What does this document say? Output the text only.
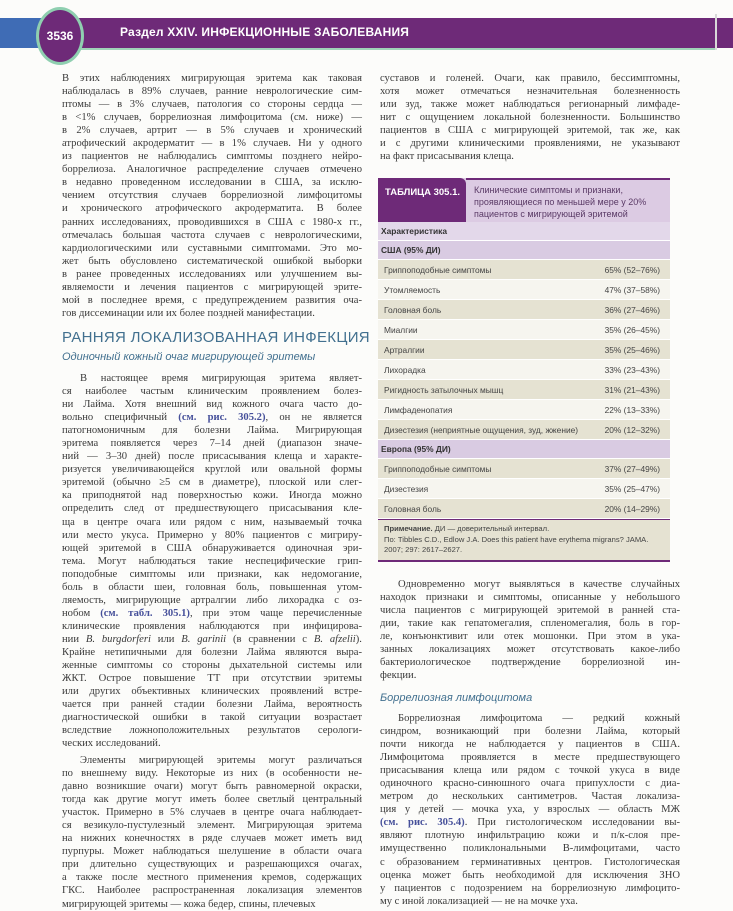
3536	Раздел XXIV. ИНФЕКЦИОННЫЕ ЗАБОЛЕВАНИЯ
В этих наблюдениях мигрирующая эритема как таковая
наблюдалась в 89% случаев, ранние неврологические сим-
птомы — в 3% случаев, патология со стороны сердца —
в <1% случаев, боррелиозная лимфоцитома (см. ниже) —
в 2% случаев, артрит — в 5% случаев и хронический
атрофический акродерматит — в 1% случаев. Ни у одного
из пациентов не наблюдались симптомы позднего нейро-
боррелиоза. Аналогичное распределение случаев отмечено
в недавно проведенном исследовании в США, за исклю-
чением отсутствия случаев боррелиозной лимфоцитомы
и хронического атрофического акродерматита. В более
ранних исследованиях, проводившихся в США с 1980-х гг.,
отмечалась большая частота случаев с неврологическими,
кардиологическими или суставными симптомами. Это мо-
жет быть обусловлено систематической ошибкой выборки
в ранее проведенных исследованиях или улучшением вы-
являемости и лечения пациентов с мигрирующей эрите-
мой в последнее время, с предупреждением развития оча-
гов диссеминации или их более поздней манифестации.
РАННЯЯ ЛОКАЛИЗОВАННАЯ ИНФЕКЦИЯ
Одиночный кожный очаг мигрирующей эритемы
В настоящее время мигрирующая эритема являет-
ся наиболее частым клиническим проявлением болез-
ни Лайма. Хотя внешний вид кожного очага часто до-
вольно специфичный (см. рис. 305.2), он не является
патогномоничным для болезни Лайма. Мигрирующая
эритема появляется через 7–14 дней (диапазон значе-
ний — 3–30 дней) после присасывания клеща и характе-
ризуется увеличивающейся круглой или овальной формы
эритемой (обычно ≥5 см в диаметре), плоской или слег-
ка приподнятой над поверхностью кожи. Иногда можно
определить след от предшествующего присасывания кле-
ща в центре очага или рядом с ним, называемый точка
или место укуса. Примерно у 80% пациентов с мигриру-
ющей эритемой в США обнаруживается одиночная эри-
тема. Могут наблюдаться такие неспецифические грип-
поподобные симптомы или признаки, как недомогание,
боль в области шеи, головная боль, повышенная утом-
ляемость, мигрирующие артралгии либо лихорадка с оз-
нобом (см. табл. 305.1), при этом чаще перечисленные
клинические проявления наблюдаются при инфицирова-
нии B. burgdorferi или B. garinii (в сравнении с B. afzelii).
Крайне нетипичными для болезни Лайма являются выра-
женные симптомы со стороны дыхательной системы или
ЖКТ. Острое повышение ТТ при отсутствии эритемы
или других объективных клинических проявлений встре-
чается при ранней стадии болезни Лайма, вероятность
диагностической ошибки в такой ситуации возрастает
вследствие ложноположительных результатов серологи-
ческих исследований.
Элементы мигрирующей эритемы могут различаться
по внешнему виду. Некоторые из них (в особенности не-
давно возникшие очаги) могут быть равномерной окраски,
тогда как другие могут иметь более светлый центральный
участок. Примерно в 5% случаев в центре очага наблюдает-
ся везикуло-пустулезный элемент. Мигрирующая эритема
на нижних конечностях в ряде случаев может иметь вид
пурпуры. Может наблюдаться шелушение в области очага
при длительно существующих и разрешающихся очагах,
а также после местного применения кремов, содержащих
ГКС. Наиболее распространенная локализация элементов
мигрирующей эритемы — кожа бедер, спины, плечевых
суставов и голеней. Очаги, как правило, бессимптомны,
хотя может отмечаться незначительная болезненность
или зуд, также может наблюдаться регионарный лимфаде-
нит с ощущением локальной болезненности. Большинство
пациентов в США с мигрирующей эритемой, так же, как
и с другими клиническими проявлениями, не указывают
на факт присасывания клеща.
ТАБЛИЦА 305.1.	Клинические симптомы и признаки, проявляющиеся по меньшей мере у 20% пациентов с мигрирующей эритемой
Характеристика
США (95% ДИ)
Гриппоподобные симптомы	65% (52–76%)
Утомляемость	47% (37–58%)
Головная боль	36% (27–46%)
Миалгии	35% (26–45%)
Артралгии	35% (25–46%)
Лихорадка	33% (23–43%)
Ригидность затылочных мышц	31% (21–43%)
Лимфаденопатия	22% (13–33%)
Дизестезия (неприятные ощущения, зуд, жжение)	20% (12–32%)
Европа (95% ДИ)
Гриппоподобные симптомы	37% (27–49%)
Дизестезия	35% (25–47%)
Головная боль	20% (14–29%)
Примечание. ДИ — доверительный интервал.
По: Tibbles C.D., Edlow J.A. Does this patient have erythema migrans? JAMA. 2007; 297: 2617–2627.
Одновременно могут выявляться в качестве случайных
находок признаки и симптомы, описанные у небольшого
числа пациентов с мигрирующей эритемой в ранней ста-
дии, такие как гепатомегалия, спленомегалия, боль в гор-
ле, конъюнктивит или отек мошонки. При этом в ука-
занных локализациях может отсутствовать какое-либо
бактериологическое подтверждение боррелиозной ин-
фекции.
Боррелиозная лимфоцитома
Боррелиозная лимфоцитома — редкий кожный
синдром, возникающий при болезни Лайма, который
почти никогда не наблюдается у пациентов в США.
Лимфоцитома проявляется в месте предшествующего
присасывания клеща или рядом с точкой укуса в виде
одиночного красно-синюшного очага припухлости с диа-
метром до нескольких сантиметров. Частая локализа-
ция у детей — мочка уха, у взрослых — область МЖ
(см. рис. 305.4). При гистологическом исследовании вы-
являют плотную инфильтрацию кожи и п/к-слоя пре-
имущественно поликлональными В-лимфоцитами, часто
с образованием герминативных центров. Гистологическая
оценка может быть необходимой для исключения ЗНО
у пациентов с подозрением на боррелиозную лимфоцито-
му с иной локализацией — не на мочке уха.
